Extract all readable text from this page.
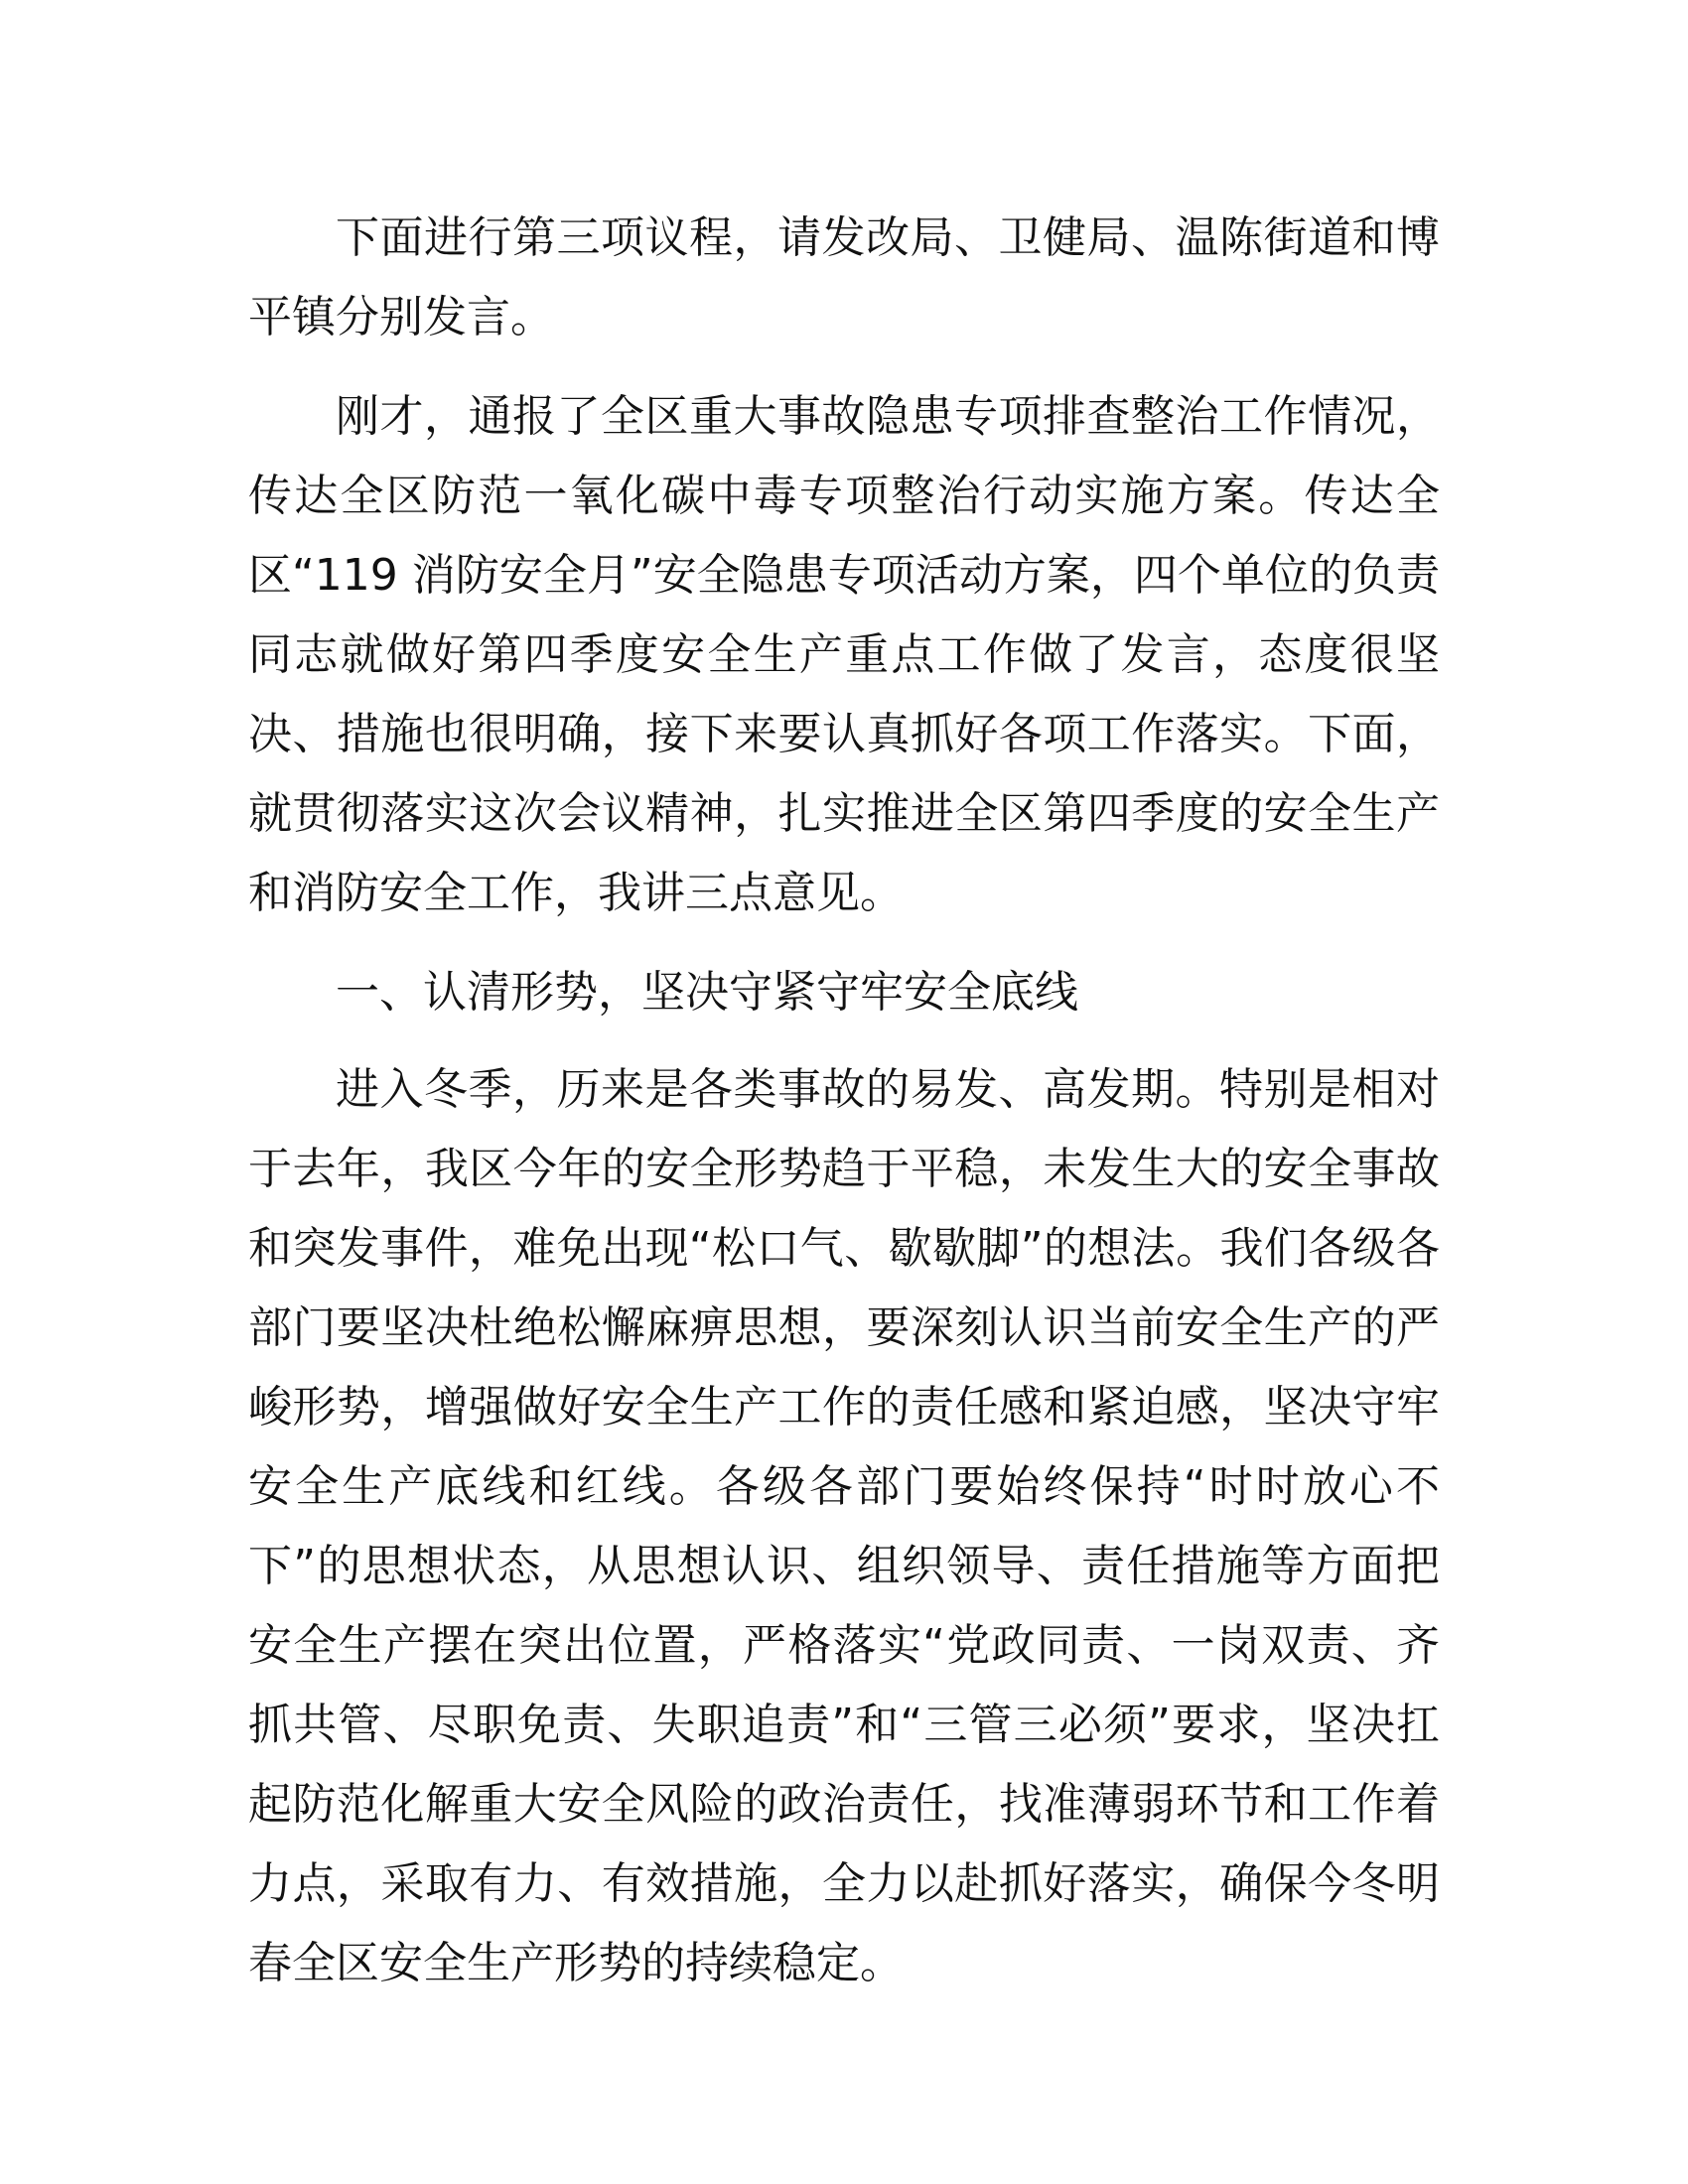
下面进行第三项议程，请发改局、卫健局、温陈街道和博平镇分别发言。

刚才，通报了全区重大事故隐患专项排查整治工作情况，传达全区防范一氧化碳中毒专项整治行动实施方案。传达全区“119 消防安全月”安全隐患专项活动方案，四个单位的负责同志就做好第四季度安全生产重点工作做了发言，态度很坚决、措施也很明确，接下来要认真抓好各项工作落实。下面，就贯彻落实这次会议精神，扎实推进全区第四季度的安全生产和消防安全工作，我讲三点意见。

一、认清形势，坚决守紧守牢安全底线

进入冬季，历来是各类事故的易发、高发期。特别是相对于去年，我区今年的安全形势趋于平稳，未发生大的安全事故和突发事件，难免出现“松口气、歇歇脚”的想法。我们各级各部门要坚决杜绝松懈麻痹思想，要深刻认识当前安全生产的严峻形势，增强做好安全生产工作的责任感和紧迫感，坚决守牢安全生产底线和红线。各级各部门要始终保持“时时放心不下”的思想状态，从思想认识、组织领导、责任措施等方面把安全生产摆在突出位置，严格落实“党政同责、一岗双责、齐抓共管、尽职免责、失职追责”和“三管三必须”要求，坚决扛起防范化解重大安全风险的政治责任，找准薄弱环节和工作着力点，采取有力、有效措施，全力以赴抓好落实，确保今冬明春全区安全生产形势的持续稳定。
